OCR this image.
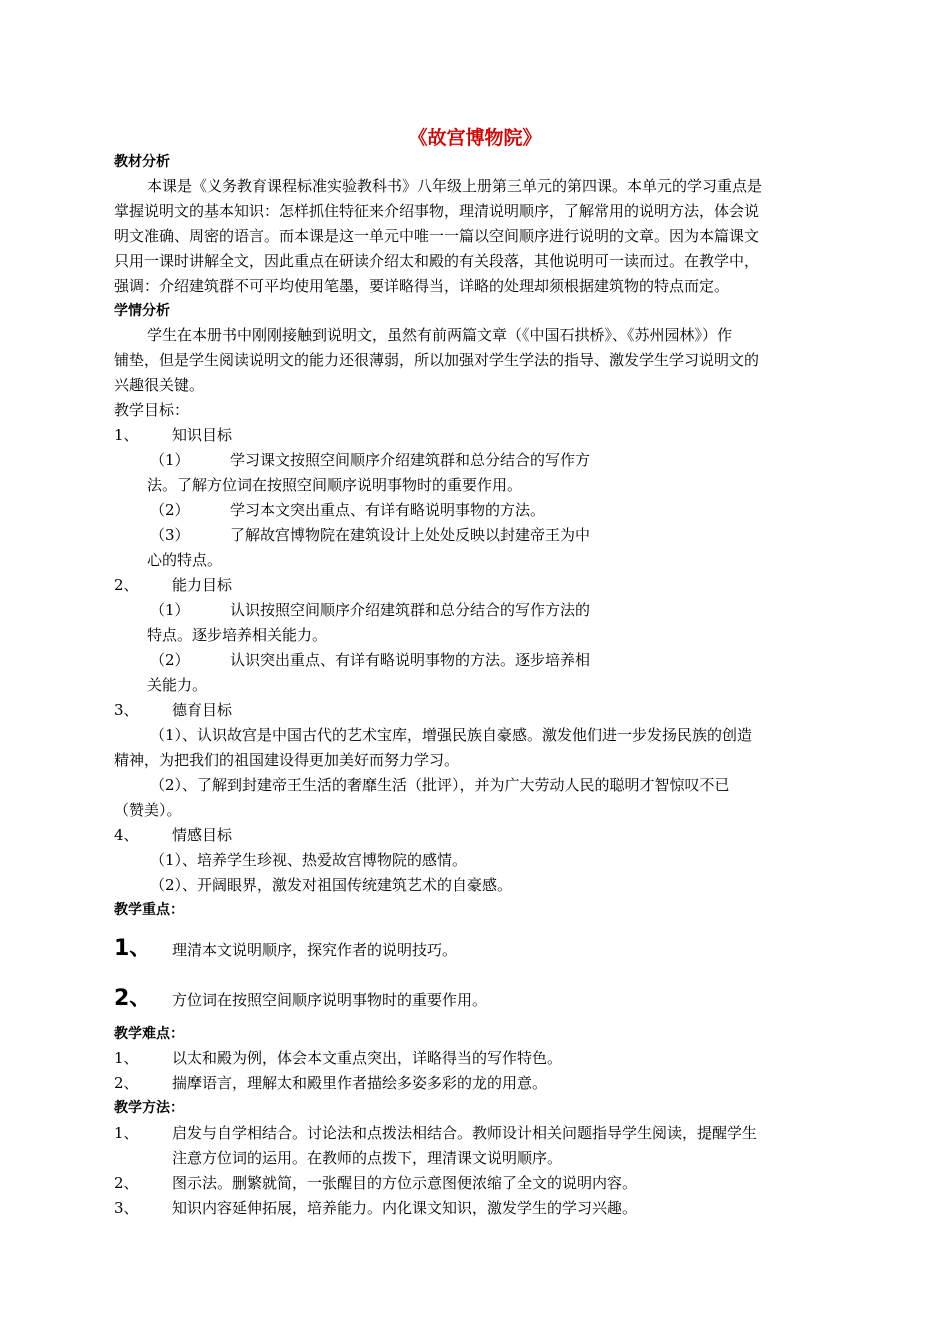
《故宫博物院》
教材分析
本课是《义务教育课程标准实验教科书》八年级上册第三单元的第四课。本单元的学习重点是
掌握说明文的基本知识：怎样抓住特征来介绍事物，理清说明顺序，了解常用的说明方法，体会说
明文准确、周密的语言。而本课是这一单元中唯一一篇以空间顺序进行说明的文章。因为本篇课文
只用一课时讲解全文，因此重点在研读介绍太和殿的有关段落，其他说明可一读而过。在教学中，
强调：介绍建筑群不可平均使用笔墨，要详略得当，详略的处理却须根据建筑物的特点而定。
学情分析
学生在本册书中刚刚接触到说明文，虽然有前两篇文章（《中国石拱桥》、《苏州园林》）作
铺垫，但是学生阅读说明文的能力还很薄弱，所以加强对学生学法的指导、激发学生学习说明文的
兴趣很关键。
教学目标：
1、 知识目标
（1）	学习课文按照空间顺序介绍建筑群和总分结合的写作方
法。了解方位词在按照空间顺序说明事物时的重要作用。
（2）	学习本文突出重点、有详有略说明事物的方法。
（3）	了解故宫博物院在建筑设计上处处反映以封建帝王为中
心的特点。
2、 能力目标
（1）	认识按照空间顺序介绍建筑群和总分结合的写作方法的
特点。逐步培养相关能力。
（2）	认识突出重点、有详有略说明事物的方法。逐步培养相
关能力。
3、 德育目标
（1）、认识故宫是中国古代的艺术宝库，增强民族自豪感。激发他们进一步发扬民族的创造
精神，为把我们的祖国建设得更加美好而努力学习。
（2）、了解到封建帝王生活的奢靡生活（批评），并为广大劳动人民的聪明才智惊叹不已
（赞美）。
4、 情感目标
（1）、培养学生珍视、热爱故宫博物院的感情。
（2）、开阔眼界，激发对祖国传统建筑艺术的自豪感。
教学重点：
1、 理清本文说明顺序，探究作者的说明技巧。
2、 方位词在按照空间顺序说明事物时的重要作用。
教学难点：
1、 以太和殿为例，体会本文重点突出，详略得当的写作特色。
2、 揣摩语言，理解太和殿里作者描绘多姿多彩的龙的用意。
教学方法：
1、 启发与自学相结合。讨论法和点拨法相结合。教师设计相关问题指导学生阅读，提醒学生
注意方位词的运用。在教师的点拨下，理清课文说明顺序。
2、 图示法。删繁就简，一张醒目的方位示意图便浓缩了全文的说明内容。
3、 知识内容延伸拓展，培养能力。内化课文知识，激发学生的学习兴趣。
